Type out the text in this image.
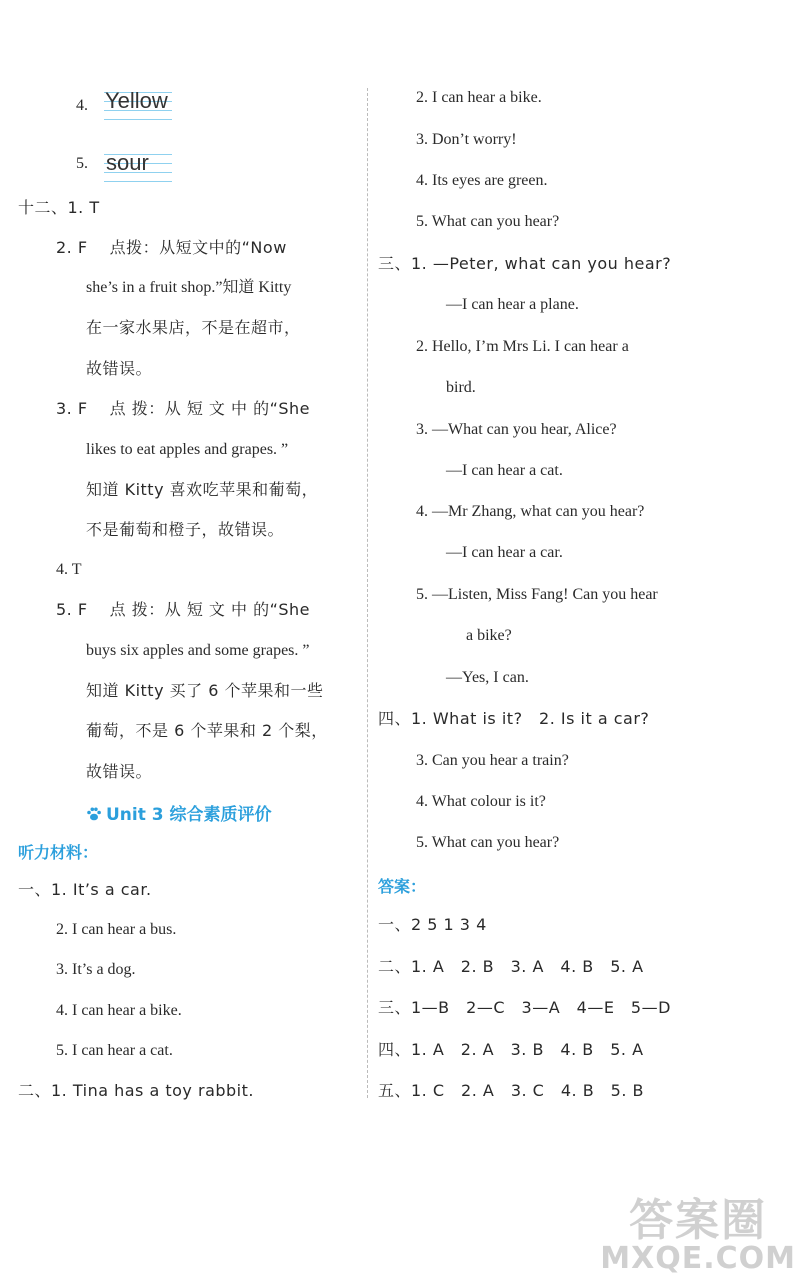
4. Yellow
5. sour
十二、1. T
2. F　 点拨：从短文中的“Now
she’s in a fruit shop.”知道 Kitty
在一家水果店，不是在超市，
故错误。
3. F　 点 拨：从 短 文 中 的“She
likes to eat apples and grapes. ”
知道 Kitty 喜欢吃苹果和葡萄，
不是葡萄和橙子，故错误。
4. T
5. F　 点 拨：从 短 文 中 的“She
buys six apples and some grapes. ”
知道 Kitty 买了 6 个苹果和一些
葡萄，不是 6 个苹果和 2 个梨，
故错误。
Unit 3 综合素质评价
听力材料：
一、1. It’s a car.
2. I can hear a bus.
3. It’s a dog.
4. I can hear a bike.
5. I can hear a cat.
二、1. Tina has a toy rabbit.
2. I can hear a bike.
3. Don’t worry!
4. Its eyes are green.
5. What can you hear?
三、1. —Peter, what can you hear?
—I can hear a plane.
2. Hello, I’m Mrs Li. I can hear a
bird.
3. —What can you hear, Alice?
—I can hear a cat.
4. —Mr Zhang, what can you hear?
—I can hear a car.
5. —Listen, Miss Fang! Can you hear
a bike?
—Yes, I can.
四、1. What is it?　2. Is it a car?
3. Can you hear a train?
4. What colour is it?
5. What can you hear?
答案：
一、2 5 1 3 4
二、1. A　2. B　3. A　4. B　5. A
三、1—B　2—C　3—A　4—E　5—D
四、1. A　2. A　3. B　4. B　5. A
五、1. C　2. A　3. C　4. B　5. B
答案圈
MXQE.COM
